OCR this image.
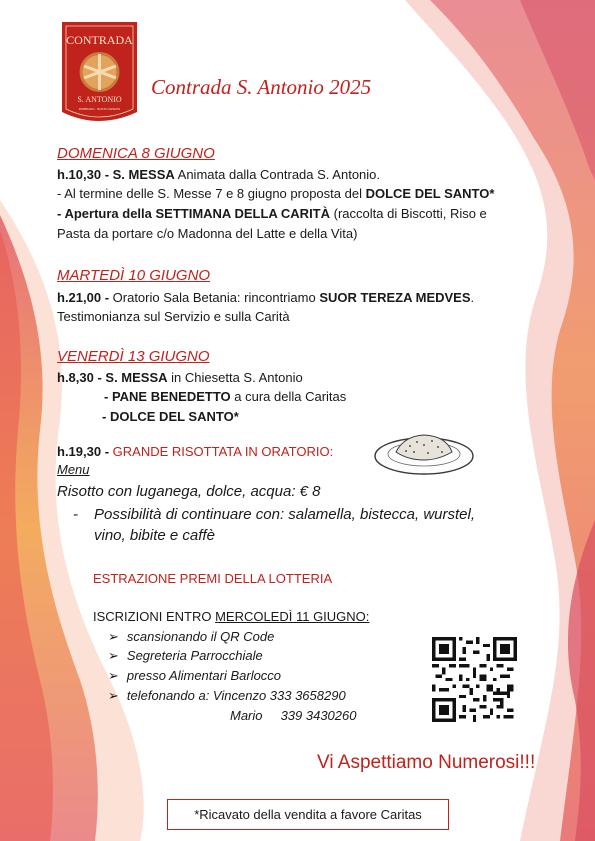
CONTRADA
S. ANTONIO
ROBBIANO · BUSTO ARSIZIO
Contrada S. Antonio 2025
DOMENICA 8 GIUGNO
h.10,30 - S. MESSA Animata dalla Contrada S. Antonio.
- Al termine delle S. Messe 7 e 8 giugno proposta del DOLCE DEL SANTO*
- Apertura della SETTIMANA DELLA CARITÀ (raccolta di Biscotti, Riso e
Pasta da portare c/o Madonna del Latte e della Vita)
MARTEDÌ 10 GIUGNO
h.21,00 - Oratorio Sala Betania: rincontriamo SUOR TEREZA MEDVES.
Testimonianza sul Servizio e sulla Carità
VENERDÌ 13 GIUGNO
h.8,30 - S. MESSA in Chiesetta S. Antonio
- PANE BENEDETTO a cura della Caritas
- DOLCE DEL SANTO*
h.19,30 - GRANDE RISOTTATA IN ORATORIO:
Menu
Risotto con luganega, dolce, acqua: € 8
- Possibilità di continuare con: salamella, bistecca, wurstel,
vino, bibite e caffè
ESTRAZIONE PREMI DELLA LOTTERIA
ISCRIZIONI ENTRO MERCOLEDÌ 11 GIUGNO:
➢ scansionando il QR Code
➢ Segreteria Parrocchiale
➢ presso Alimentari Barlocco
➢ telefonando a: Vincenzo 333 3658290
Mario     339 3430260
Vi Aspettiamo Numerosi!!!
*Ricavato della vendita a favore Caritas
